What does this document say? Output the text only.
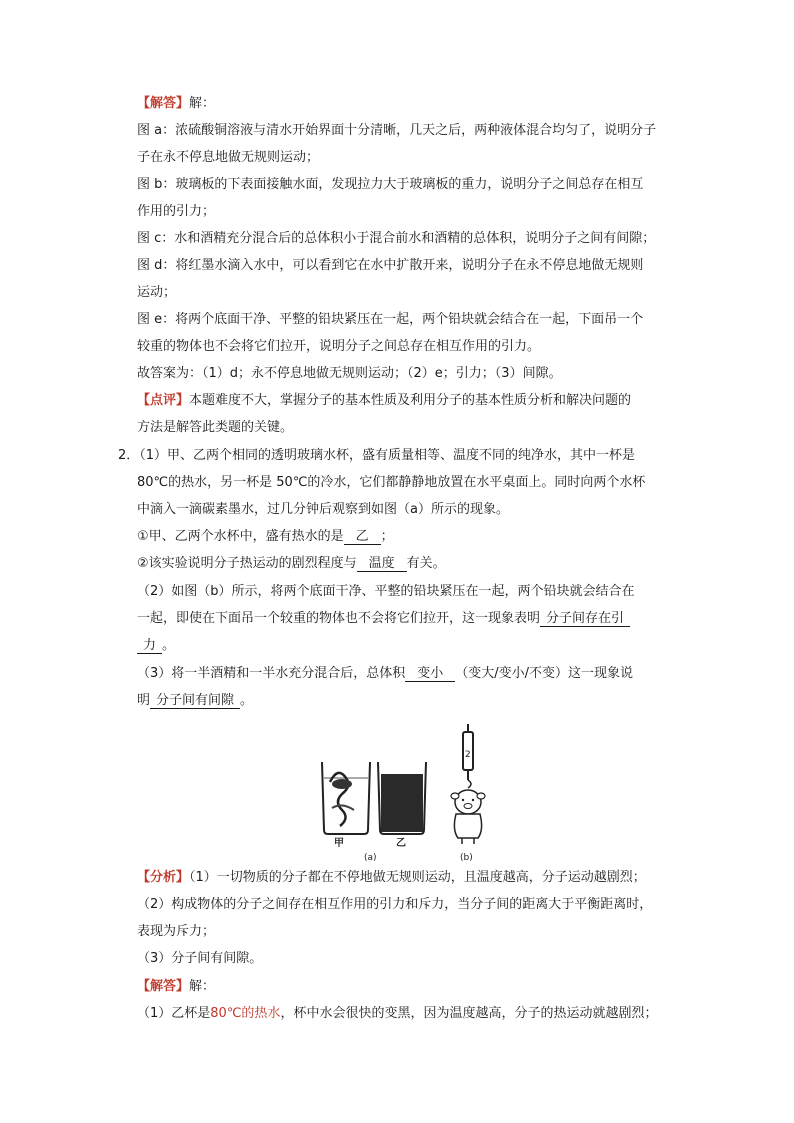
【解答】解：
图 a：浓硫酸铜溶液与清水开始界面十分清晰，几天之后，两种液体混合均匀了，说明分子
子在永不停息地做无规则运动；
图 b：玻璃板的下表面接触水面，发现拉力大于玻璃板的重力，说明分子之间总存在相互
作用的引力；
图 c：水和酒精充分混合后的总体积小于混合前水和酒精的总体积，说明分子之间有间隙；
图 d：将红墨水滴入水中，可以看到它在水中扩散开来，说明分子在永不停息地做无规则
运动；
图 e：将两个底面干净、平整的铅块紧压在一起，两个铅块就会结合在一起，下面吊一个
较重的物体也不会将它们拉开，说明分子之间总存在相互作用的引力。
故答案为：（1）d；永不停息地做无规则运动；（2）e；引力；（3）间隙。
【点评】本题难度不大，掌握分子的基本性质及利用分子的基本性质分析和解决问题的
方法是解答此类题的关键。
2．（1）甲、乙两个相同的透明玻璃水杯，盛有质量相等、温度不同的纯净水，其中一杯是
80℃的热水，另一杯是 50℃的冷水，它们都静静地放置在水平桌面上。同时向两个水杯
中滴入一滴碳素墨水，过几分钟后观察到如图（a）所示的现象。
①甲、乙两个水杯中，盛有热水的是 乙 ；
②该实验说明分子热运动的剧烈程度与 温度 有关。
（2）如图（b）所示，将两个底面干净、平整的铅块紧压在一起，两个铅块就会结合在
一起，即使在下面吊一个较重的物体也不会将它们拉开，这一现象表明 分子间存在引
力 。
（3）将一半酒精和一半水充分混合后，总体积 变小 （变大/变小/不变）这一现象说
明 分子间有间隙 。
甲	乙
(a)	(b)
2
【分析】（1）一切物质的分子都在不停地做无规则运动，且温度越高，分子运动越剧烈；
（2）构成物体的分子之间存在相互作用的引力和斥力，当分子间的距离大于平衡距离时，
表现为斥力；
（3）分子间有间隙。
【解答】解：
（1）乙杯是80℃的热水，杯中水会很快的变黑，因为温度越高，分子的热运动就越剧烈；
